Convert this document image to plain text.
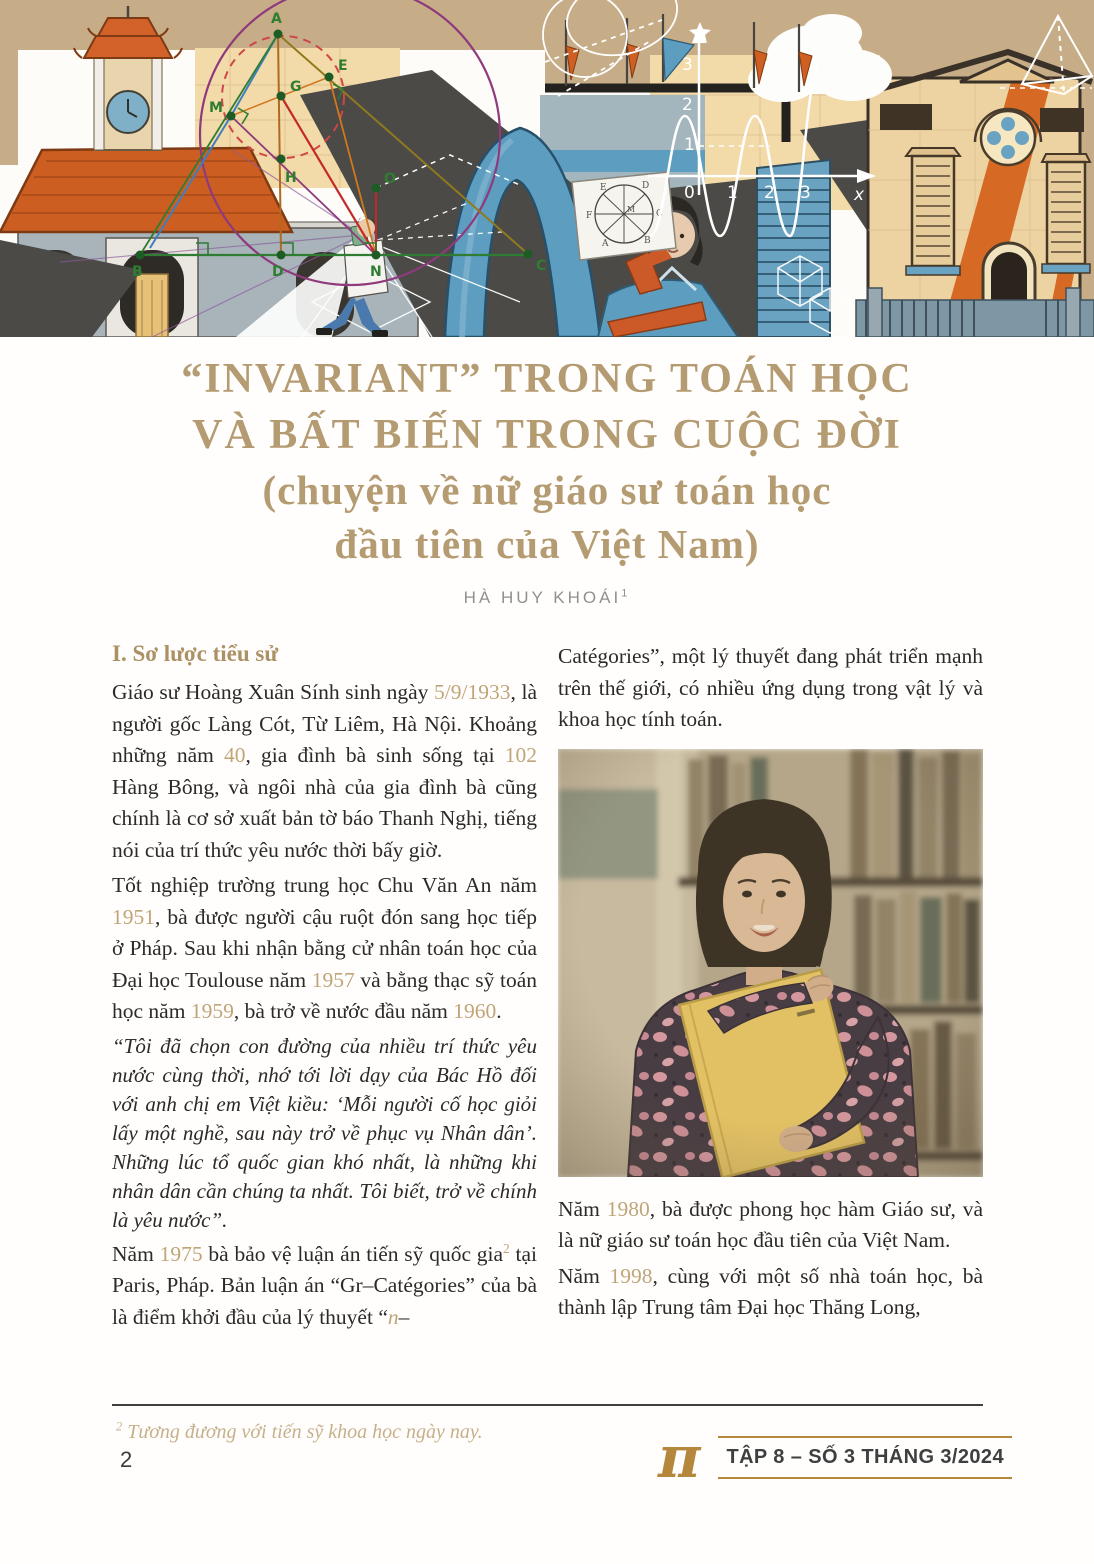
E	D
F	C
M
A	B
A
E
G
M
H	O
B	D	N	C
3
2
1
0 1 2 3	x
“INVARIANT” TRONG TOÁN HỌC
VÀ BẤT BIẾN TRONG CUỘC ĐỜI
(chuyện về nữ giáo sư toán học
đầu tiên của Việt Nam)
HÀ HUY KHOÁI$^1$
I. Sơ lược tiểu sử

Giáo sư Hoàng Xuân Sính sinh ngày 5/9/1933, là người gốc Làng Cót, Từ Liêm, Hà Nội. Khoảng những năm 40, gia đình bà sinh sống tại 102 Hàng Bông, và ngôi nhà của gia đình bà cũng chính là cơ sở xuất bản tờ báo Thanh Nghị, tiếng nói của trí thức yêu nước thời bấy giờ.

Tốt nghiệp trường trung học Chu Văn An năm 1951, bà được người cậu ruột đón sang học tiếp ở Pháp. Sau khi nhận bằng cử nhân toán học của Đại học Toulouse năm 1957 và bằng thạc sỹ toán học năm 1959, bà trở về nước đầu năm 1960.

“Tôi đã chọn con đường của nhiều trí thức yêu nước cùng thời, nhớ tới lời dạy của Bác Hồ đối với anh chị em Việt kiều: ‘Mỗi người cố học giỏi lấy một nghề, sau này trở về phục vụ Nhân dân’. Những lúc tổ quốc gian khó nhất, là những khi nhân dân cần chúng ta nhất. Tôi biết, trở về chính là yêu nước”.

Năm 1975 bà bảo vệ luận án tiến sỹ quốc gia$^2$ tại Paris, Pháp. Bản luận án “Gr–Catégories” của bà là điểm khởi đầu của lý thuyết “n–

Catégories”, một lý thuyết đang phát triển mạnh trên thế giới, có nhiều ứng dụng trong vật lý và khoa học tính toán.

Năm 1980, bà được phong học hàm Giáo sư, và là nữ giáo sư toán học đầu tiên của Việt Nam.

Năm 1998, cùng với một số nhà toán học, bà thành lập Trung tâm Đại học Thăng Long,

$^2$ Tương đương với tiến sỹ khoa học ngày nay.
2	π	TẬP 8 – SỐ 3 THÁNG 3/2024
